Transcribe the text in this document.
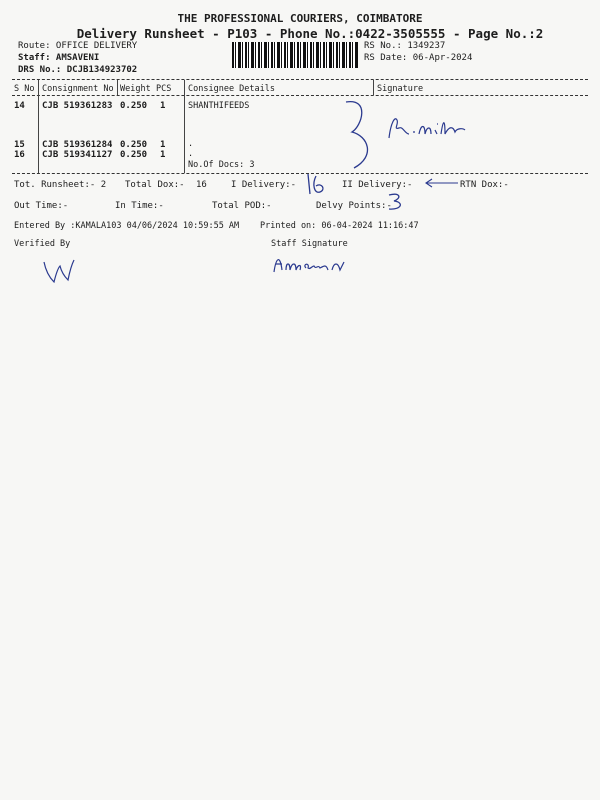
THE PROFESSIONAL COURIERS, COIMBATORE
Delivery Runsheet - P103 - Phone No.:0422-3505555 - Page No.:2
Route: OFFICE DELIVERY
Staff: AMSAVENI
DRS No.: DCJB134923702
RS No.: 1349237
RS Date: 06-Apr-2024
S No Consignment No Weight PCS Consignee Details	Signature
14 CJB 519361283 0.250 1	SHANTHIFEEDS
15 CJB 519361284 0.250 1	.
16 CJB 519341127 0.250 1	.
No.Of Docs: 3
Tot. Runsheet:- 2 Total Dox:- 16	I Delivery:-	II Delivery:-	RTN Dox:-
Out Time:-	In Time:-	Total POD:-	Delvy Points:-
Entered By :KAMALA103 04/06/2024 10:59:55 AM Printed on: 06-04-2024 11:16:47
Verified By	Staff Signature
